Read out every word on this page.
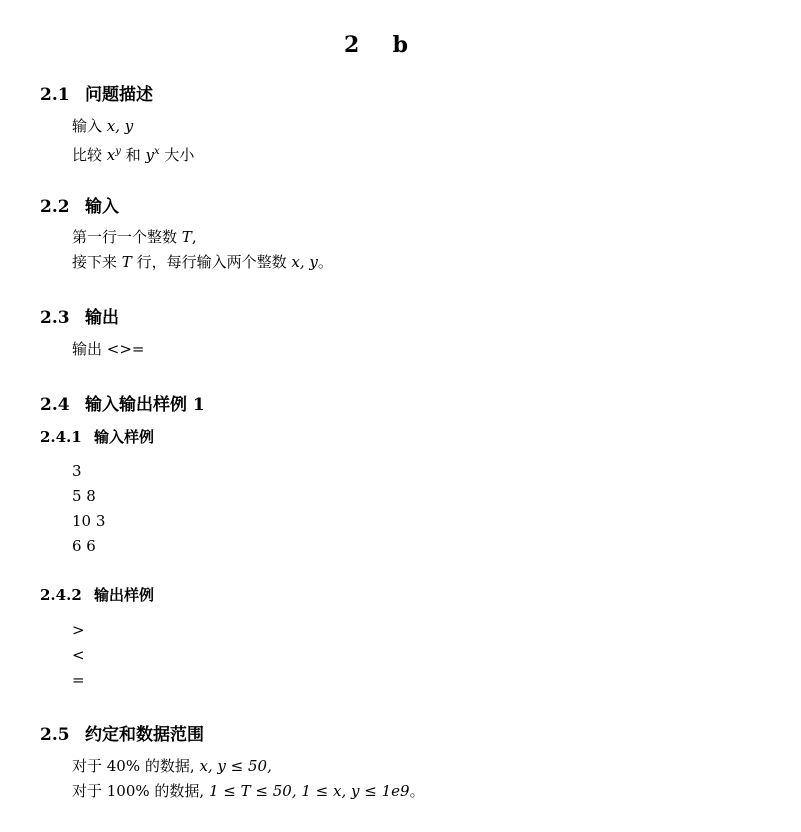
2 b
2.1 问题描述
输入 x, y
比较 $x^y$ 和 $y^x$ 大小
2.2 输入
第一行一个整数 T,
接下来 T 行，每行输入两个整数 x, y。
2.3 输出
输出 <>=
2.4 输入输出样例 1
2.4.1 输入样例
3
5 8
10 3
6 6
2.4.2 输出样例
>
<
=
2.5 约定和数据范围
对于 40% 的数据, x, y ≤ 50,
对于 100% 的数据, 1 ≤ T ≤ 50, 1 ≤ x, y ≤ 1e9。
